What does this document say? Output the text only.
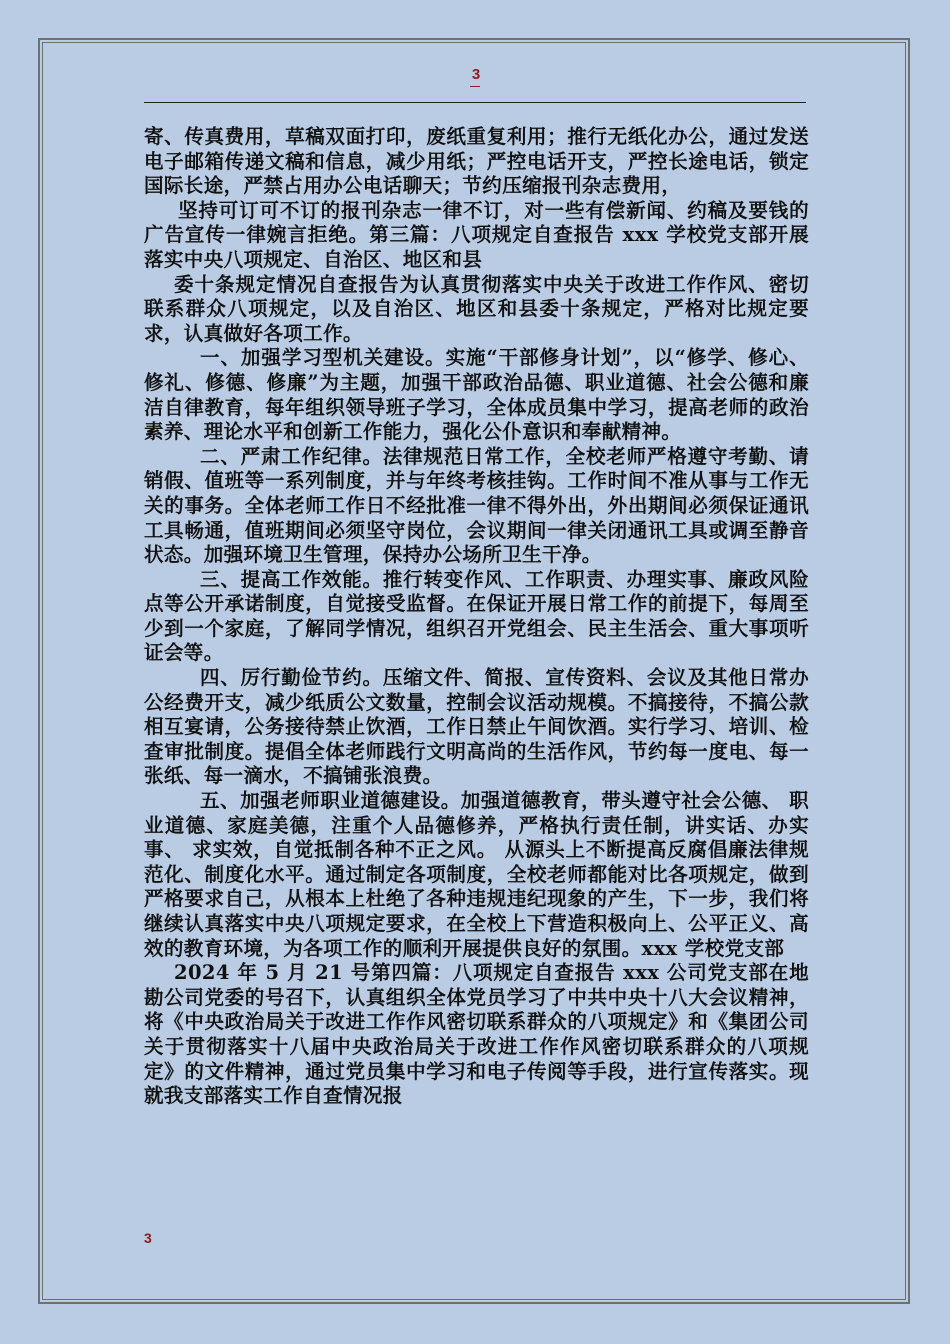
3

寄、传真费用，草稿双面打印，废纸重复利用；推行无纸化办公，通过发送电子邮箱传递文稿和信息，减少用纸；严控电话开支，严控长途电话，锁定国际长途，严禁占用办公电话聊天；节约压缩报刊杂志费用，

坚持可订可不订的报刊杂志一律不订，对一些有偿新闻、约稿及要钱的广告宣传一律婉言拒绝。第三篇：八项规定自查报告 xxx 学校党支部开展落实中央八项规定、自治区、地区和县

委十条规定情况自查报告为认真贯彻落实中央关于改进工作作风、密切联系群众八项规定，以及自治区、地区和县委十条规定，严格对比规定要求，认真做好各项工作。

一、加强学习型机关建设。实施“干部修身计划”，以“修学、修心、修礼、修德、修廉”为主题，加强干部政治品德、职业道德、社会公德和廉洁自律教育，每年组织领导班子学习，全体成员集中学习，提高老师的政治素养、理论水平和创新工作能力，强化公仆意识和奉献精神。

二、严肃工作纪律。法律规范日常工作，全校老师严格遵守考勤、请销假、值班等一系列制度，并与年终考核挂钩。工作时间不准从事与工作无关的事务。全体老师工作日不经批准一律不得外出，外出期间必须保证通讯工具畅通，值班期间必须坚守岗位，会议期间一律关闭通讯工具或调至静音状态。加强环境卫生管理，保持办公场所卫生干净。

三、提高工作效能。推行转变作风、工作职责、办理实事、廉政风险点等公开承诺制度，自觉接受监督。在保证开展日常工作的前提下，每周至少到一个家庭，了解同学情况，组织召开党组会、民主生活会、重大事项听证会等。

四、厉行勤俭节约。压缩文件、简报、宣传资料、会议及其他日常办公经费开支，减少纸质公文数量，控制会议活动规模。不搞接待，不搞公款相互宴请，公务接待禁止饮酒，工作日禁止午间饮酒。实行学习、培训、检查审批制度。提倡全体老师践行文明高尚的生活作风，节约每一度电、每一张纸、每一滴水，不搞铺张浪费。

五、加强老师职业道德建设。加强道德教育，带头遵守社会公德、 职业道德、家庭美德，注重个人品德修养，严格执行责任制，讲实话、办实事、 求实效，自觉抵制各种不正之风。 从源头上不断提高反腐倡廉法律规范化、制度化水平。通过制定各项制度，全校老师都能对比各项规定，做到严格要求自己，从根本上杜绝了各种违规违纪现象的产生，下一步，我们将继续认真落实中央八项规定要求，在全校上下营造积极向上、公平正义、高效的教育环境，为各项工作的顺利开展提供良好的氛围。xxx 学校党支部

2024 年 5 月 21 号第四篇：八项规定自查报告 xxx 公司党支部在地勘公司党委的号召下，认真组织全体党员学习了中共中央十八大会议精神，将《中央政治局关于改进工作作风密切联系群众的八项规定》和《集团公司关于贯彻落实十八届中央政治局关于改进工作作风密切联系群众的八项规定》的文件精神，通过党员集中学习和电子传阅等手段，进行宣传落实。现就我支部落实工作自查情况报

3
